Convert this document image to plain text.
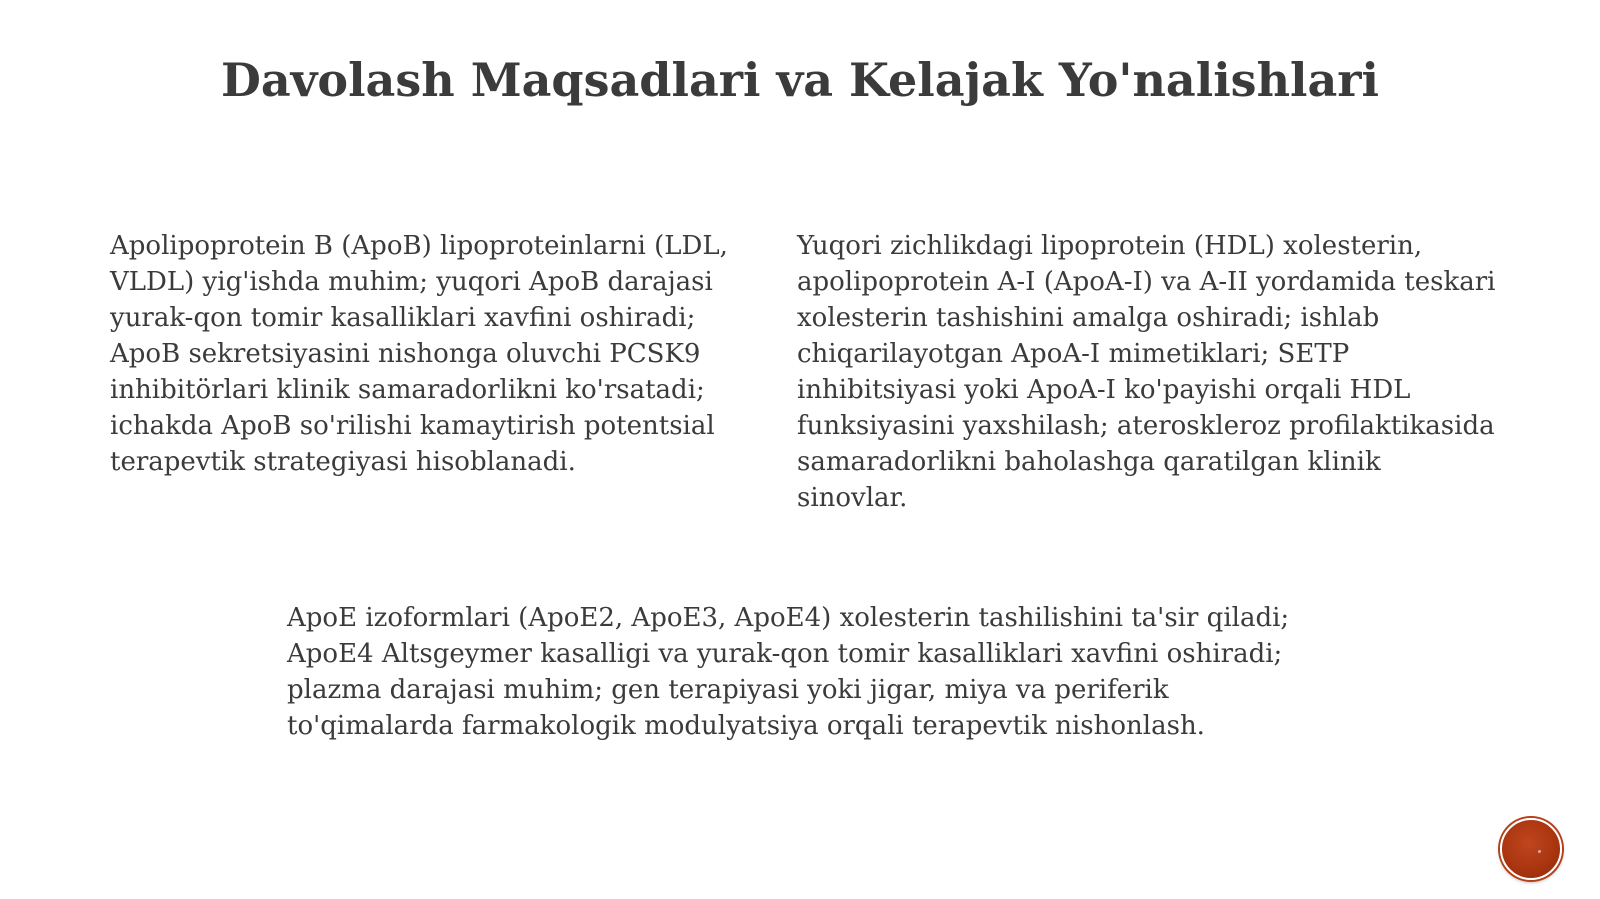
Davolash Maqsadlari va Kelajak Yo'nalishlari

Apolipoprotein B (ApoB) lipoproteinlarni (LDL, VLDL) yig'ishda muhim; yuqori ApoB darajasi yurak-qon tomir kasalliklari xavfini oshiradi; ApoB sekretsiyasini nishonga oluvchi PCSK9 inhibitörlari klinik samaradorlikni ko'rsatadi; ichakda ApoB so'rilishi kamaytirish potentsial terapevtik strategiyasi hisoblanadi.

Yuqori zichlikdagi lipoprotein (HDL) xolesterin, apolipoprotein A-I (ApoA-I) va A-II yordamida teskari xolesterin tashishini amalga oshiradi; ishlab chiqarilayotgan ApoA-I mimetiklari; SETP inhibitsiyasi yoki ApoA-I ko'payishi orqali HDL funksiyasini yaxshilash; ateroskleroz profilaktikasida samaradorlikni baholashga qaratilgan klinik sinovlar.

ApoE izoformlari (ApoE2, ApoE3, ApoE4) xolesterin tashilishini ta'sir qiladi; ApoE4 Altsgeymer kasalligi va yurak-qon tomir kasalliklari xavfini oshiradi; plazma darajasi muhim; gen terapiyasi yoki jigar, miya va periferik to'qimalarda farmakologik modulyatsiya orqali terapevtik nishonlash.
